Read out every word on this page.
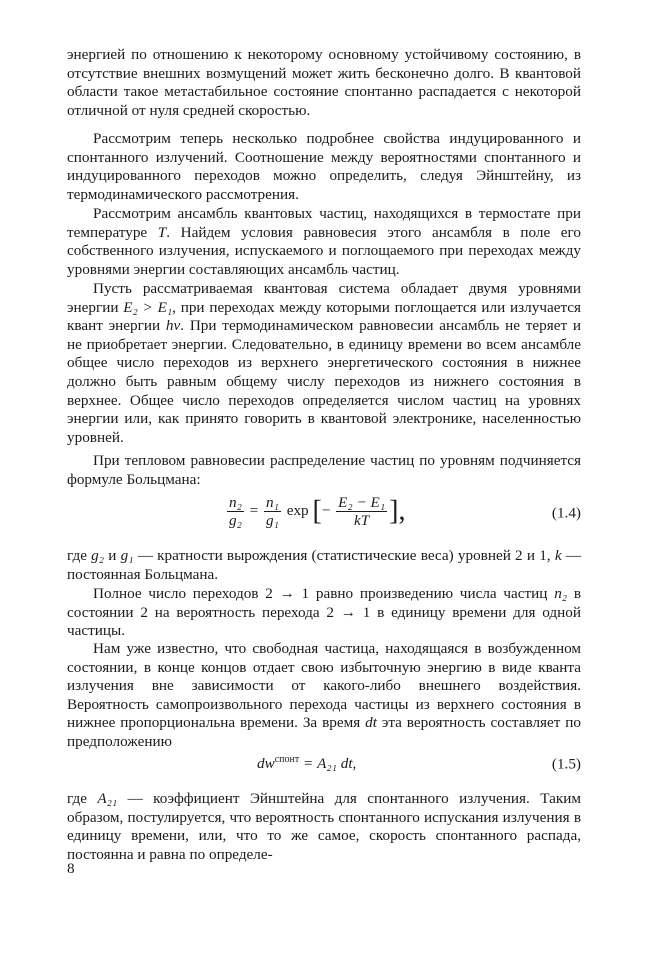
энергией по отношению к некоторому основному устойчивому состоянию, в отсутствие внешних возмущений может жить бесконечно долго. В квантовой области такое метастабильное состояние спонтанно распадается с некоторой отличной от нуля средней скоростью.

Рассмотрим теперь несколько подробнее свойства индуцированного и спонтанного излучений. Соотношение между вероятностями спонтанного и индуцированного переходов можно определить, следуя Эйнштейну, из термодинамического рассмотрения.

Рассмотрим ансамбль квантовых частиц, находящихся в термостате при температуре T. Найдем условия равновесия этого ансамбля в поле его собственного излучения, испускаемого и поглощаемого при переходах между уровнями энергии составляющих ансамбль частиц.

Пусть рассматриваемая квантовая система обладает двумя уровнями энергии E₂ > E₁, при переходах между которыми поглощается или излучается квант энергии hν. При термодинамическом равновесии ансамбль не теряет и не приобретает энергии. Следовательно, в единицу времени во всем ансамбле общее число переходов из верхнего энергетического состояния в нижнее должно быть равным общему числу переходов из нижнего состояния в верхнее. Общее число переходов определяется числом частиц на уровнях энергии или, как принято говорить в квантовой электронике, населенностью уровней.

При тепловом равновесии распределение частиц по уровням подчиняется формуле Больцмана:

$\frac{\text{n₂}}{\text{g₂}} = \frac{\text{n₁}}{\text{g₁}}$ exp [− $\frac{\text{E₂ − E₁}}{kT}$ ],	(1.4)

где g₂ и g₁ — кратности вырождения (статистические веса) уровней 2 и 1, k — постоянная Больцмана.

Полное число переходов 2 → 1 равно произведению числа частиц n₂ в состоянии 2 на вероятность перехода 2 → 1 в единицу времени для одной частицы.

Нам уже известно, что свободная частица, находящаяся в возбужденном состоянии, в конце концов отдает свою избыточную энергию в виде кванта излучения вне зависимости от какого-либо внешнего воздействия. Вероятность самопроизвольного перехода частицы из верхнего состояния в нижнее пропорциональна времени. За время dt эта вероятность составляет по предположению

$dw^{спонт} = A_{21}$ dt,	(1.5)

где A₂₁ — коэффициент Эйнштейна для спонтанного излучения. Таким образом, постулируется, что вероятность спонтанного испускания излучения в единицу времени, или, что то же самое, скорость спонтанного распада, постоянна и равна по определе-

8
